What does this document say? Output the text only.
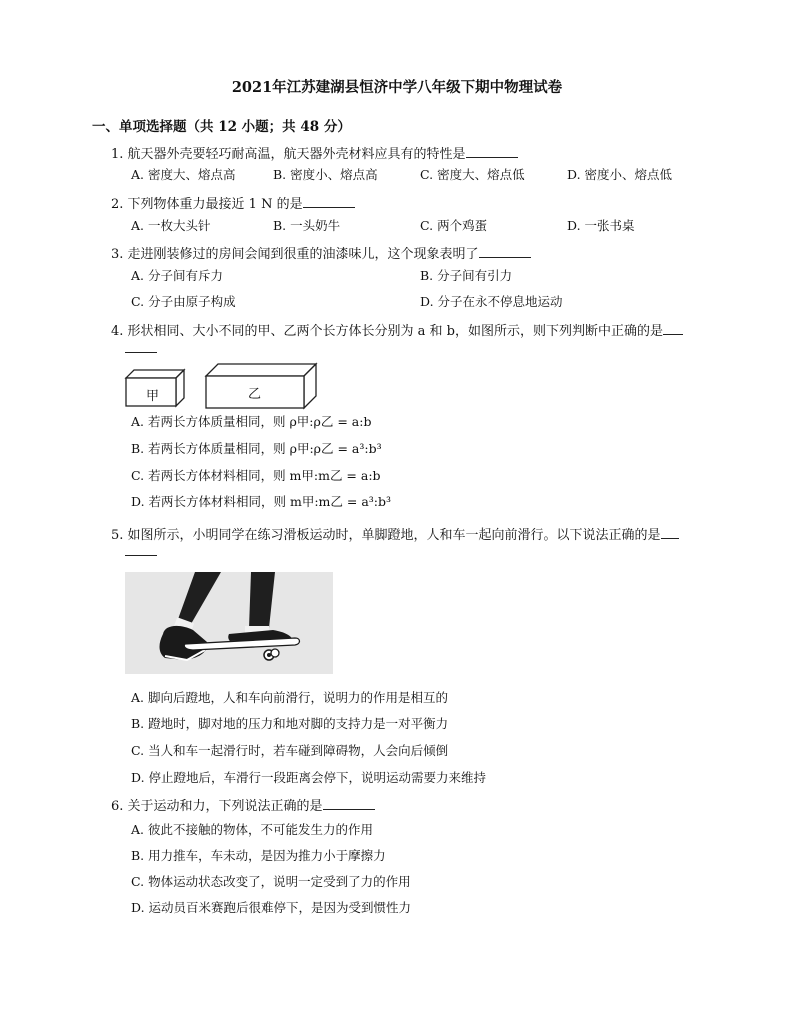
2021年江苏建湖县恒济中学八年级下期中物理试卷
一、单项选择题（共 12 小题；共 48 分）
1. 航天器外壳要轻巧耐高温，航天器外壳材料应具有的特性是
A. 密度大、熔点高	B. 密度小、熔点高	C. 密度大、熔点低	D. 密度小、熔点低
2. 下列物体重力最接近 1 N 的是
A. 一枚大头针	B. 一头奶牛	C. 两个鸡蛋	D. 一张书桌
3. 走进刚装修过的房间会闻到很重的油漆味儿，这个现象表明了
A. 分子间有斥力	B. 分子间有引力
C. 分子由原子构成	D. 分子在永不停息地运动
4. 形状相同、大小不同的甲、乙两个长方体长分别为 a 和 b，如图所示，则下列判断中正确的是
甲	乙
A. 若两长方体质量相同，则 ρ甲:ρ乙 = a:b
B. 若两长方体质量相同，则 ρ甲:ρ乙 = a³:b³
C. 若两长方体材料相同，则 m甲:m乙 = a:b
D. 若两长方体材料相同，则 m甲:m乙 = a³:b³
5. 如图所示，小明同学在练习滑板运动时，单脚蹬地，人和车一起向前滑行。以下说法正确的是
A. 脚向后蹬地，人和车向前滑行，说明力的作用是相互的
B. 蹬地时，脚对地的压力和地对脚的支持力是一对平衡力
C. 当人和车一起滑行时，若车碰到障碍物，人会向后倾倒
D. 停止蹬地后，车滑行一段距离会停下，说明运动需要力来维持
6. 关于运动和力，下列说法正确的是
A. 彼此不接触的物体，不可能发生力的作用
B. 用力推车，车未动，是因为推力小于摩擦力
C. 物体运动状态改变了，说明一定受到了力的作用
D. 运动员百米赛跑后很难停下，是因为受到惯性力
